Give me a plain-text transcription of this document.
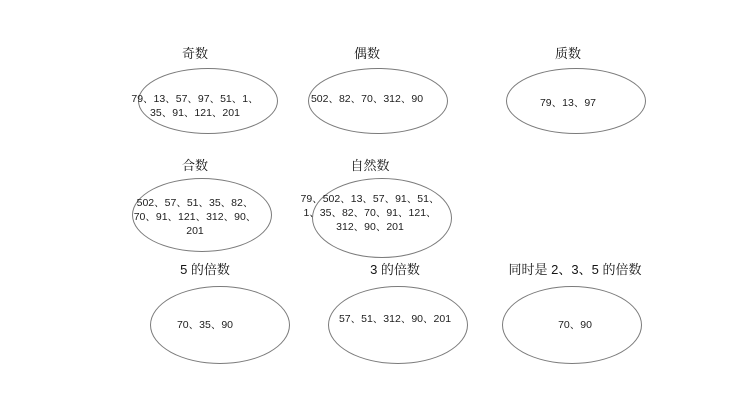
奇数
79、13、57、97、51、1、35、91、121、201
偶数
502、82、70、312、90
质数
79、13、97
合数
502、57、51、35、82、70、91、121、312、90、201
自然数
79、502、13、57、91、51、1、35、82、70、91、121、312、90、201
5 的倍数
70、35、90
3 的倍数
57、51、312、90、201
同时是 2、3、5 的倍数
70、90
